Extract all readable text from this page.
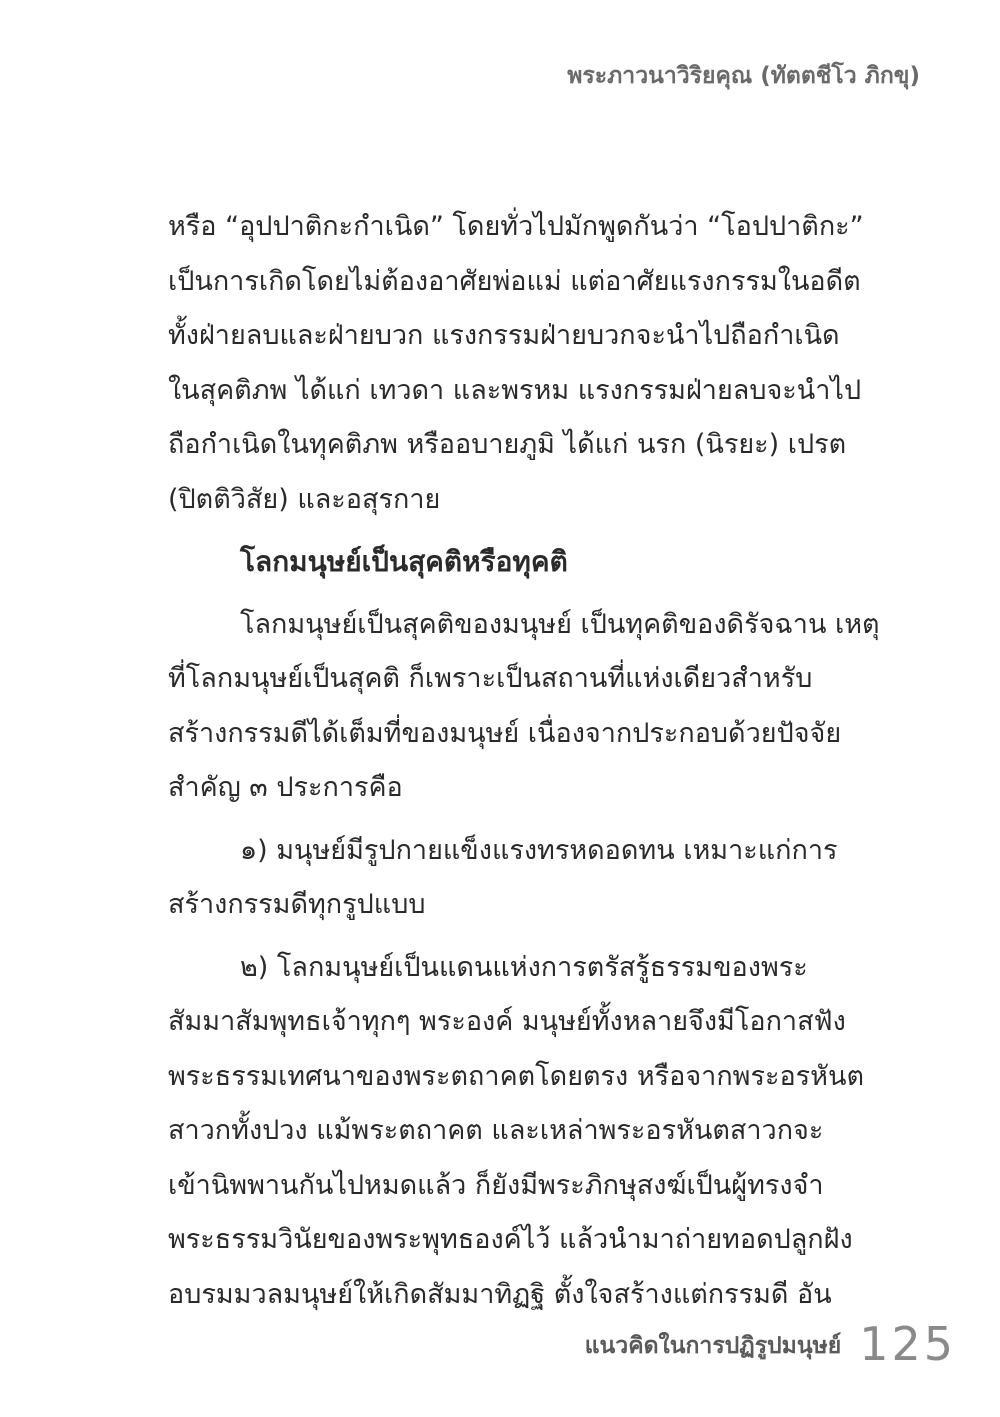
พระภาวนาวิริยคุณ (ทัตตชีโว ภิกขุ)
หรือ “อุปปาติกะกำเนิด” โดยทั่วไปมักพูดกันว่า “โอปปาติกะ”
เป็นการเกิดโดยไม่ต้องอาศัยพ่อแม่ แต่อาศัยแรงกรรมในอดีต
ทั้งฝ่ายลบและฝ่ายบวก แรงกรรมฝ่ายบวกจะนำไปถือกำเนิด
ในสุคติภพ ได้แก่ เทวดา และพรหม แรงกรรมฝ่ายลบจะนำไป
ถือกำเนิดในทุคติภพ หรืออบายภูมิ ได้แก่ นรก (นิรยะ) เปรต
(ปิตติวิสัย) และอสุรกาย
โลกมนุษย์เป็นสุคติหรือทุคติ
โลกมนุษย์เป็นสุคติของมนุษย์ เป็นทุคติของดิรัจฉาน เหตุ
ที่โลกมนุษย์เป็นสุคติ ก็เพราะเป็นสถานที่แห่งเดียวสำหรับ
สร้างกรรมดีได้เต็มที่ของมนุษย์ เนื่องจากประกอบด้วยปัจจัย
สำคัญ ๓ ประการคือ
๑) มนุษย์มีรูปกายแข็งแรงทรหดอดทน เหมาะแก่การ
สร้างกรรมดีทุกรูปแบบ
๒) โลกมนุษย์เป็นแดนแห่งการตรัสรู้ธรรมของพระ
สัมมาสัมพุทธเจ้าทุกๆ พระองค์ มนุษย์ทั้งหลายจึงมีโอกาสฟัง
พระธรรมเทศนาของพระตถาคตโดยตรง หรือจากพระอรหันต
สาวกทั้งปวง แม้พระตถาคต และเหล่าพระอรหันตสาวกจะ
เข้านิพพานกันไปหมดแล้ว ก็ยังมีพระภิกษุสงฆ์เป็นผู้ทรงจำ
พระธรรมวินัยของพระพุทธองค์ไว้ แล้วนำมาถ่ายทอดปลูกฝัง
อบรมมวลมนุษย์ให้เกิดสัมมาทิฏฐิ ตั้งใจสร้างแต่กรรมดี อัน
แนวคิดในการปฏิรูปมนุษย์ 125
